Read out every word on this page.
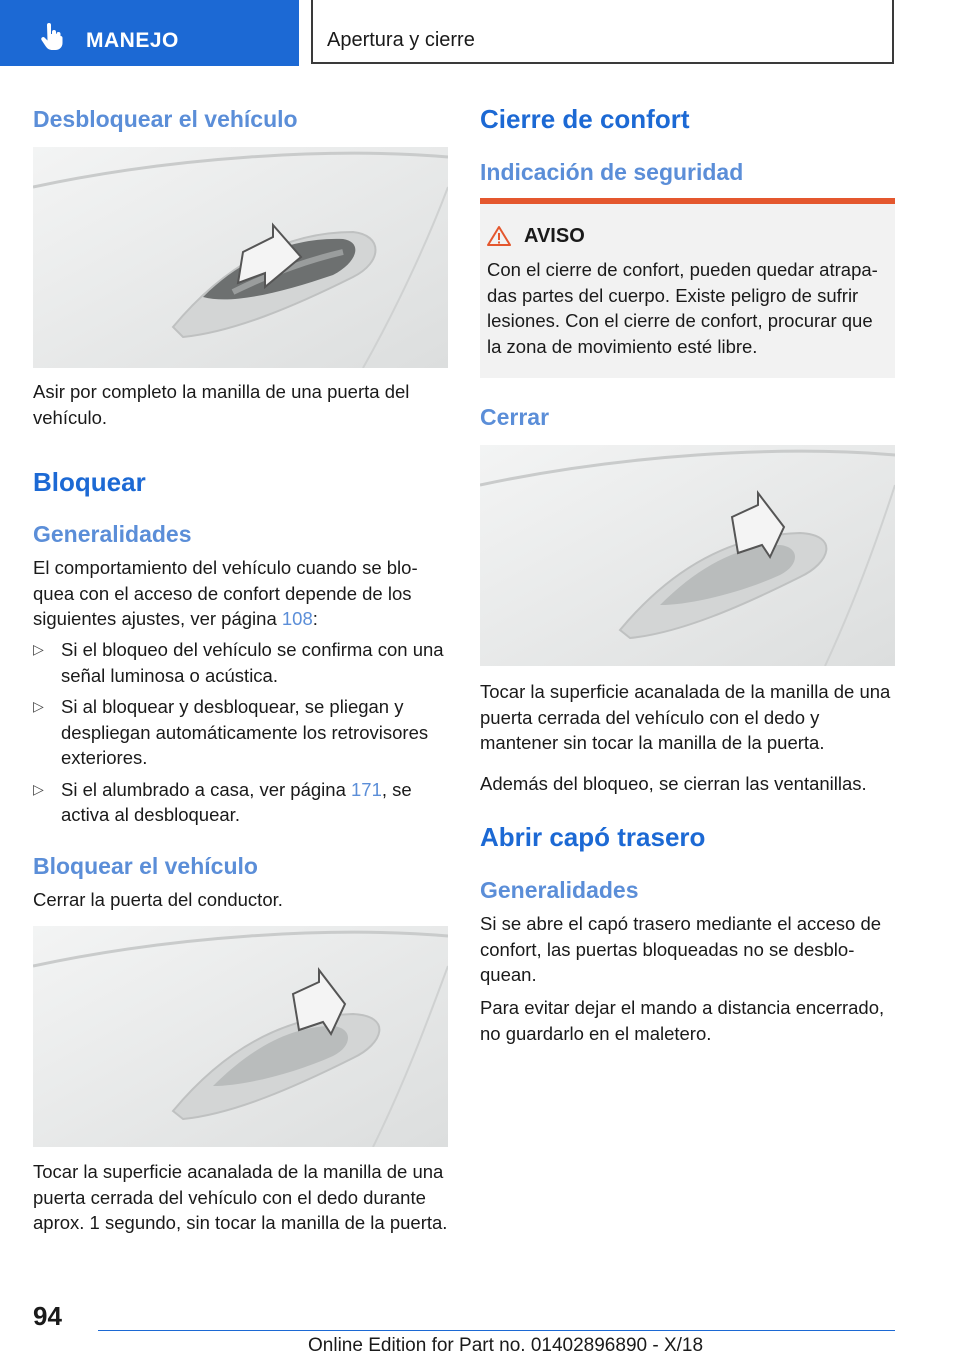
MANEJO	Apertura y cierre
Desbloquear el vehículo

Asir por completo la manilla de una puerta del vehículo.

Bloquear
Generalidades

El comportamiento del vehículo cuando se bloquea con el acceso de confort depende de los siguientes ajustes, ver página 108:

▷ Si el bloqueo del vehículo se confirma con una señal luminosa o acústica.
▷ Si al bloquear y desbloquear, se pliegan y despliegan automáticamente los retrovisores exteriores.
▷ Si el alumbrado a casa, ver página 171, se activa al desbloquear.
Bloquear el vehículo

Cerrar la puerta del conductor.

Tocar la superficie acanalada de la manilla de una puerta cerrada del vehículo con el dedo durante aprox. 1 segundo, sin tocar la manilla de la puerta.

Cierre de confort
Indicación de seguridad
AVISO

Con el cierre de confort, pueden quedar atrapadas partes del cuerpo. Existe peligro de sufrir lesiones. Con el cierre de confort, procurar que la zona de movimiento esté libre.

Cerrar

Tocar la superficie acanalada de la manilla de una puerta cerrada del vehículo con el dedo y mantener sin tocar la manilla de la puerta.

Además del bloqueo, se cierran las ventanillas.

Abrir capó trasero
Generalidades

Si se abre el capó trasero mediante el acceso de confort, las puertas bloqueadas no se desbloquean.

Para evitar dejar el mando a distancia encerrado, no guardarlo en el maletero.

94
Online Edition for Part no. 01402896890 - X/18
